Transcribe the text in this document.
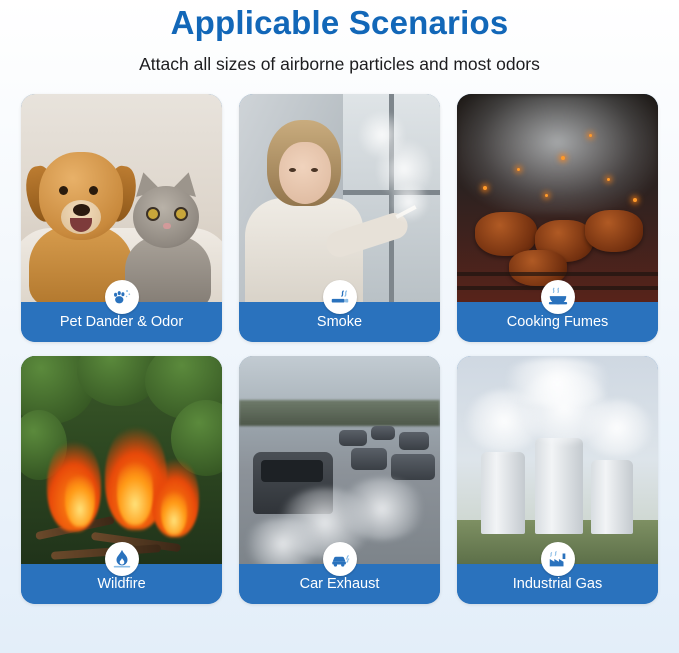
Applicable Scenarios

Attach all sizes of airborne particles and most odors

Pet Dander & Odor	Smoke	Cooking Fumes
Wildfire	Car Exhaust	Industrial Gas
